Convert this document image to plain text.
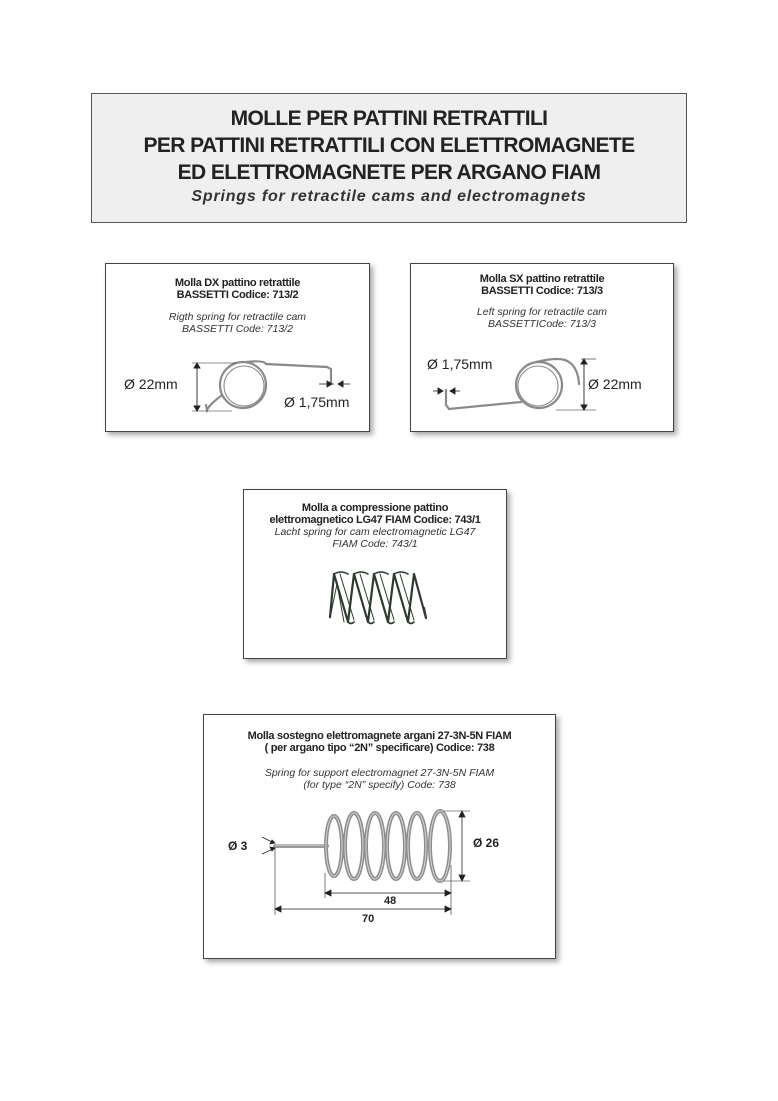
MOLLE PER PATTINI RETRATTILI
PER PATTINI RETRATTILI CON ELETTROMAGNETE
ED ELETTROMAGNETE PER ARGANO FIAM
Springs for retractile cams and electromagnets
Molla DX pattino retrattile
BASSETTI Codice: 713/2
Rigth spring for retractile cam
BASSETTI Code: 713/2
Ø 22mm
Ø 1,75mm
Molla SX pattino retrattile
BASSETTI Codice: 713/3
Left spring for retractile cam
BASSETTICode: 713/3
Ø 1,75mm
Ø 22mm
Molla a compressione pattino
elettromagnetico LG47 FIAM Codice: 743/1
Lacht spring for cam electromagnetic LG47
FIAM Code: 743/1
Molla sostegno elettromagnete argani 27-3N-5N FIAM
( per argano tipo “2N” specificare) Codice: 738
Spring for support electromagnet 27-3N-5N FIAM
(for type “2N” specify) Code: 738
Ø 3	Ø 26
48
70
